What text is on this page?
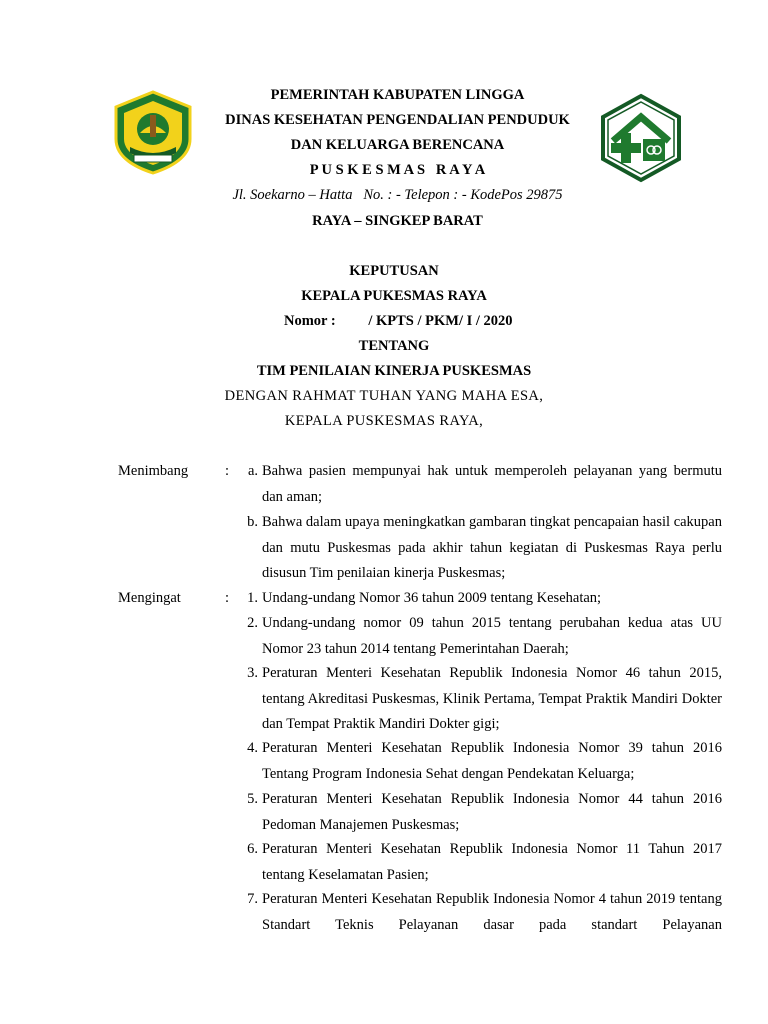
PEMERINTAH KABUPATEN LINGGA
DINAS KESEHATAN PENGENDALIAN PENDUDUK
DAN KELUARGA BERENCANA
P U S K E S M A S   R A Y A
Jl. Soekarno – Hatta   No. : - Telepon : - KodePos 29875
RAYA – SINGKEP BARAT
KEPUTUSAN
KEPALA PUKESMAS RAYA
Nomor : / KPTS / PKM/ I / 2020
TENTANG
TIM PENILAIAN KINERJA PUSKESMAS
DENGAN RAHMAT TUHAN YANG MAHA ESA,
KEPALA PUSKESMAS RAYA,
Menimbang	:	a. Bahwa pasien mempunyai hak untuk memperoleh pelayanan yang bermutu dan aman;
b. Bahwa dalam upaya meningkatkan gambaran tingkat pencapaian hasil cakupan dan mutu Puskesmas pada akhir tahun kegiatan di Puskesmas Raya perlu disusun Tim penilaian kinerja Puskesmas;
Mengingat	:	1. Undang-undang Nomor 36 tahun 2009 tentang Kesehatan;
2. Undang-undang nomor 09 tahun 2015 tentang perubahan kedua atas UU Nomor 23 tahun 2014 tentang Pemerintahan Daerah;
3. Peraturan Menteri Kesehatan Republik Indonesia Nomor 46 tahun 2015, tentang Akreditasi Puskesmas, Klinik Pertama, Tempat Praktik Mandiri Dokter dan Tempat Praktik Mandiri Dokter gigi;
4. Peraturan Menteri Kesehatan Republik Indonesia Nomor 39 tahun 2016 Tentang Program Indonesia Sehat dengan Pendekatan Keluarga;
5. Peraturan Menteri Kesehatan Republik Indonesia Nomor 44 tahun 2016 Pedoman Manajemen Puskesmas;
6. Peraturan Menteri Kesehatan Republik Indonesia Nomor 11 Tahun 2017 tentang Keselamatan Pasien;
7. Peraturan Menteri Kesehatan Republik Indonesia Nomor 4 tahun 2019 tentang Standart Teknis Pelayanan dasar pada standart Pelayanan
